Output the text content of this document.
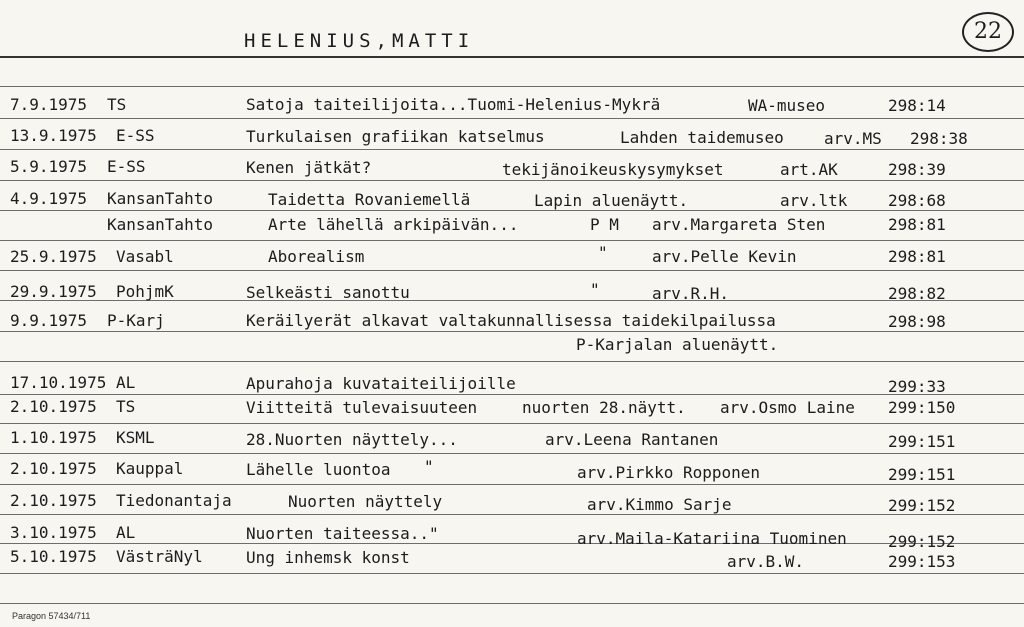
HELENIUS,MATTI	22
7.9.1975 TS	Satoja taiteilijoita...Tuomi-Helenius-Mykrä	WA-museo	298:14
13.9.1975 E-SS	Turkulaisen grafiikan katselmus	Lahden taidemuseo	arv.MS 298:38
5.9.1975 E-SS	Kenen jätkät?	tekijänoikeuskysymykset	art.AK	298:39
4.9.1975 KansanTahto	Taidetta Rovaniemellä	Lapin aluenäytt.	arv.ltk	298:68
KansanTahto	Arte lähellä arkipäivän...	P M arv.Margareta Sten	298:81
25.9.1975 Vasabl	Aborealism	"	arv.Pelle Kevin	298:81
29.9.1975 PohjmK	Selkeästi sanottu	"	arv.R.H.	298:82
9.9.1975 P-Karj	Keräilyerät alkavat valtakunnallisessa taidekilpailussa	298:98
P-Karjalan aluenäytt.
17.10.1975 AL	Apurahoja kuvataiteilijoille	299:33
2.10.1975 TS	Viitteitä tulevaisuuteen	nuorten 28.näytt. arv.Osmo Laine 299:150
1.10.1975 KSML	28.Nuorten näyttely...	arv.Leena Rantanen	299:151
2.10.1975 Kauppal	Lähelle luontoa "	arv.Pirkko Ropponen	299:151
2.10.1975 Tiedonantaja	Nuorten näyttely	arv.Kimmo Sarje	299:152
3.10.1975 AL	Nuorten taiteessa.."	arv.Maila-Katariina Tuominen	299:152
5.10.1975 VästräNyl	Ung inhemsk konst	arv.B.W.	299:153
Paragon 57434/711
